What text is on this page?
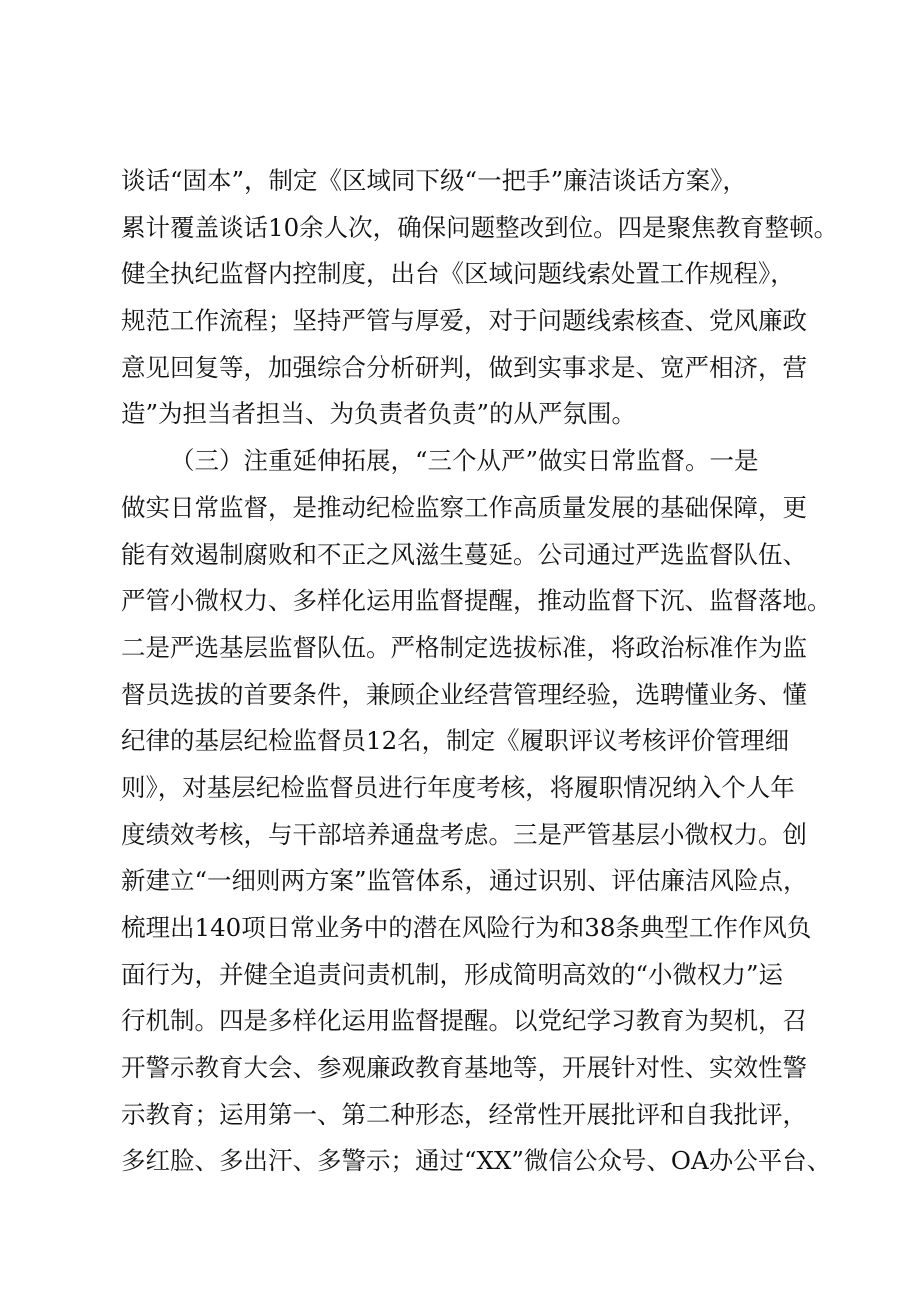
谈话“固本”，制定《区域同下级“一把手”廉洁谈话方案》，
累计覆盖谈话10余人次，确保问题整改到位。四是聚焦教育整顿。
健全执纪监督内控制度，出台《区域问题线索处置工作规程》，
规范工作流程；坚持严管与厚爱，对于问题线索核查、党风廉政
意见回复等，加强综合分析研判，做到实事求是、宽严相济，营
造”为担当者担当、为负责者负责”的从严氛围。
（三）注重延伸拓展，“三个从严”做实日常监督。一是
做实日常监督，是推动纪检监察工作高质量发展的基础保障，更
能有效遏制腐败和不正之风滋生蔓延。公司通过严选监督队伍、
严管小微权力、多样化运用监督提醒，推动监督下沉、监督落地。
二是严选基层监督队伍。严格制定选拔标准，将政治标准作为监
督员选拔的首要条件，兼顾企业经营管理经验，选聘懂业务、懂
纪律的基层纪检监督员12名，制定《履职评议考核评价管理细
则》，对基层纪检监督员进行年度考核，将履职情况纳入个人年
度绩效考核，与干部培养通盘考虑。三是严管基层小微权力。创
新建立“一细则两方案”监管体系，通过识别、评估廉洁风险点，
梳理出140项日常业务中的潜在风险行为和38条典型工作作风负
面行为，并健全追责问责机制，形成简明高效的“小微权力”运
行机制。四是多样化运用监督提醒。以党纪学习教育为契机，召
开警示教育大会、参观廉政教育基地等，开展针对性、实效性警
示教育；运用第一、第二种形态，经常性开展批评和自我批评，
多红脸、多出汗、多警示；通过“XX”微信公众号、OA办公平台、
